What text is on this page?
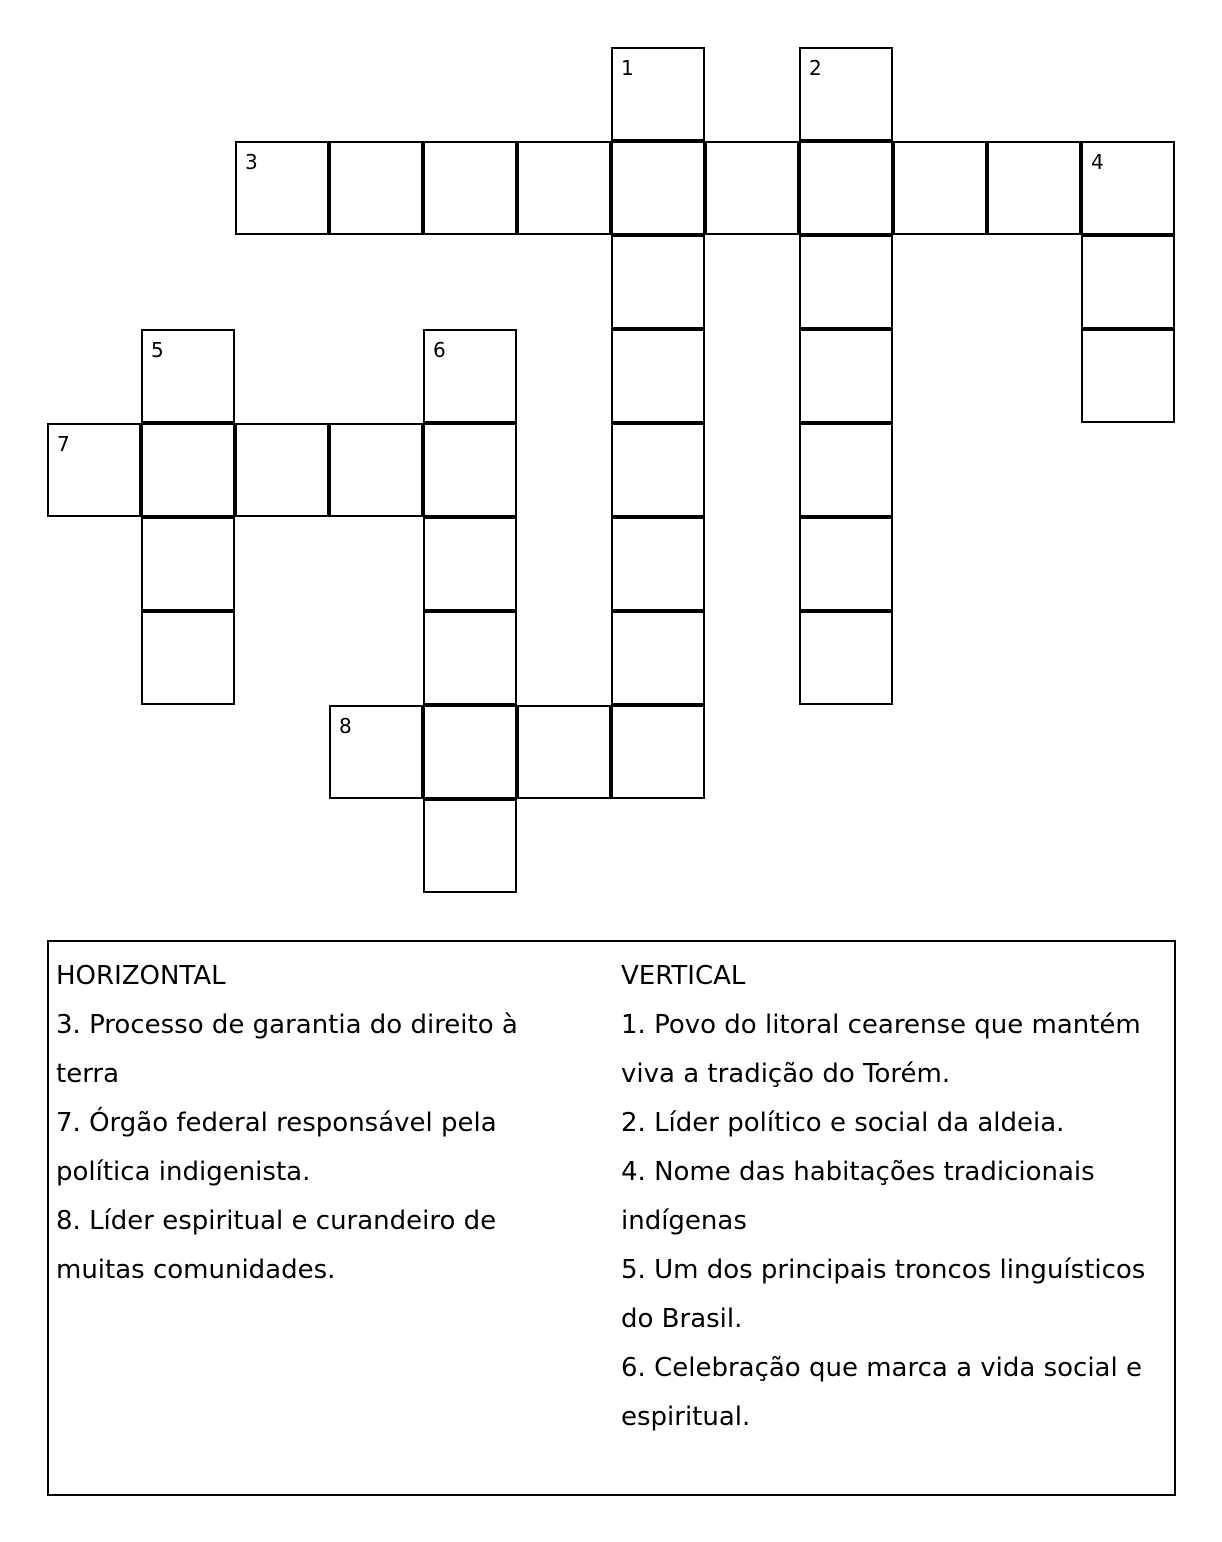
1	2
3	4
5	6
7
8
HORIZONTAL
3. Processo de garantia do direito à
terra
7. Órgão federal responsável pela
política indigenista.
8. Líder espiritual e curandeiro de
muitas comunidades.
VERTICAL
1. Povo do litoral cearense que mantém
viva a tradição do Torém.
2. Líder político e social da aldeia.
4. Nome das habitações tradicionais
indígenas
5. Um dos principais troncos linguísticos
do Brasil.
6. Celebração que marca a vida social e
espiritual.
